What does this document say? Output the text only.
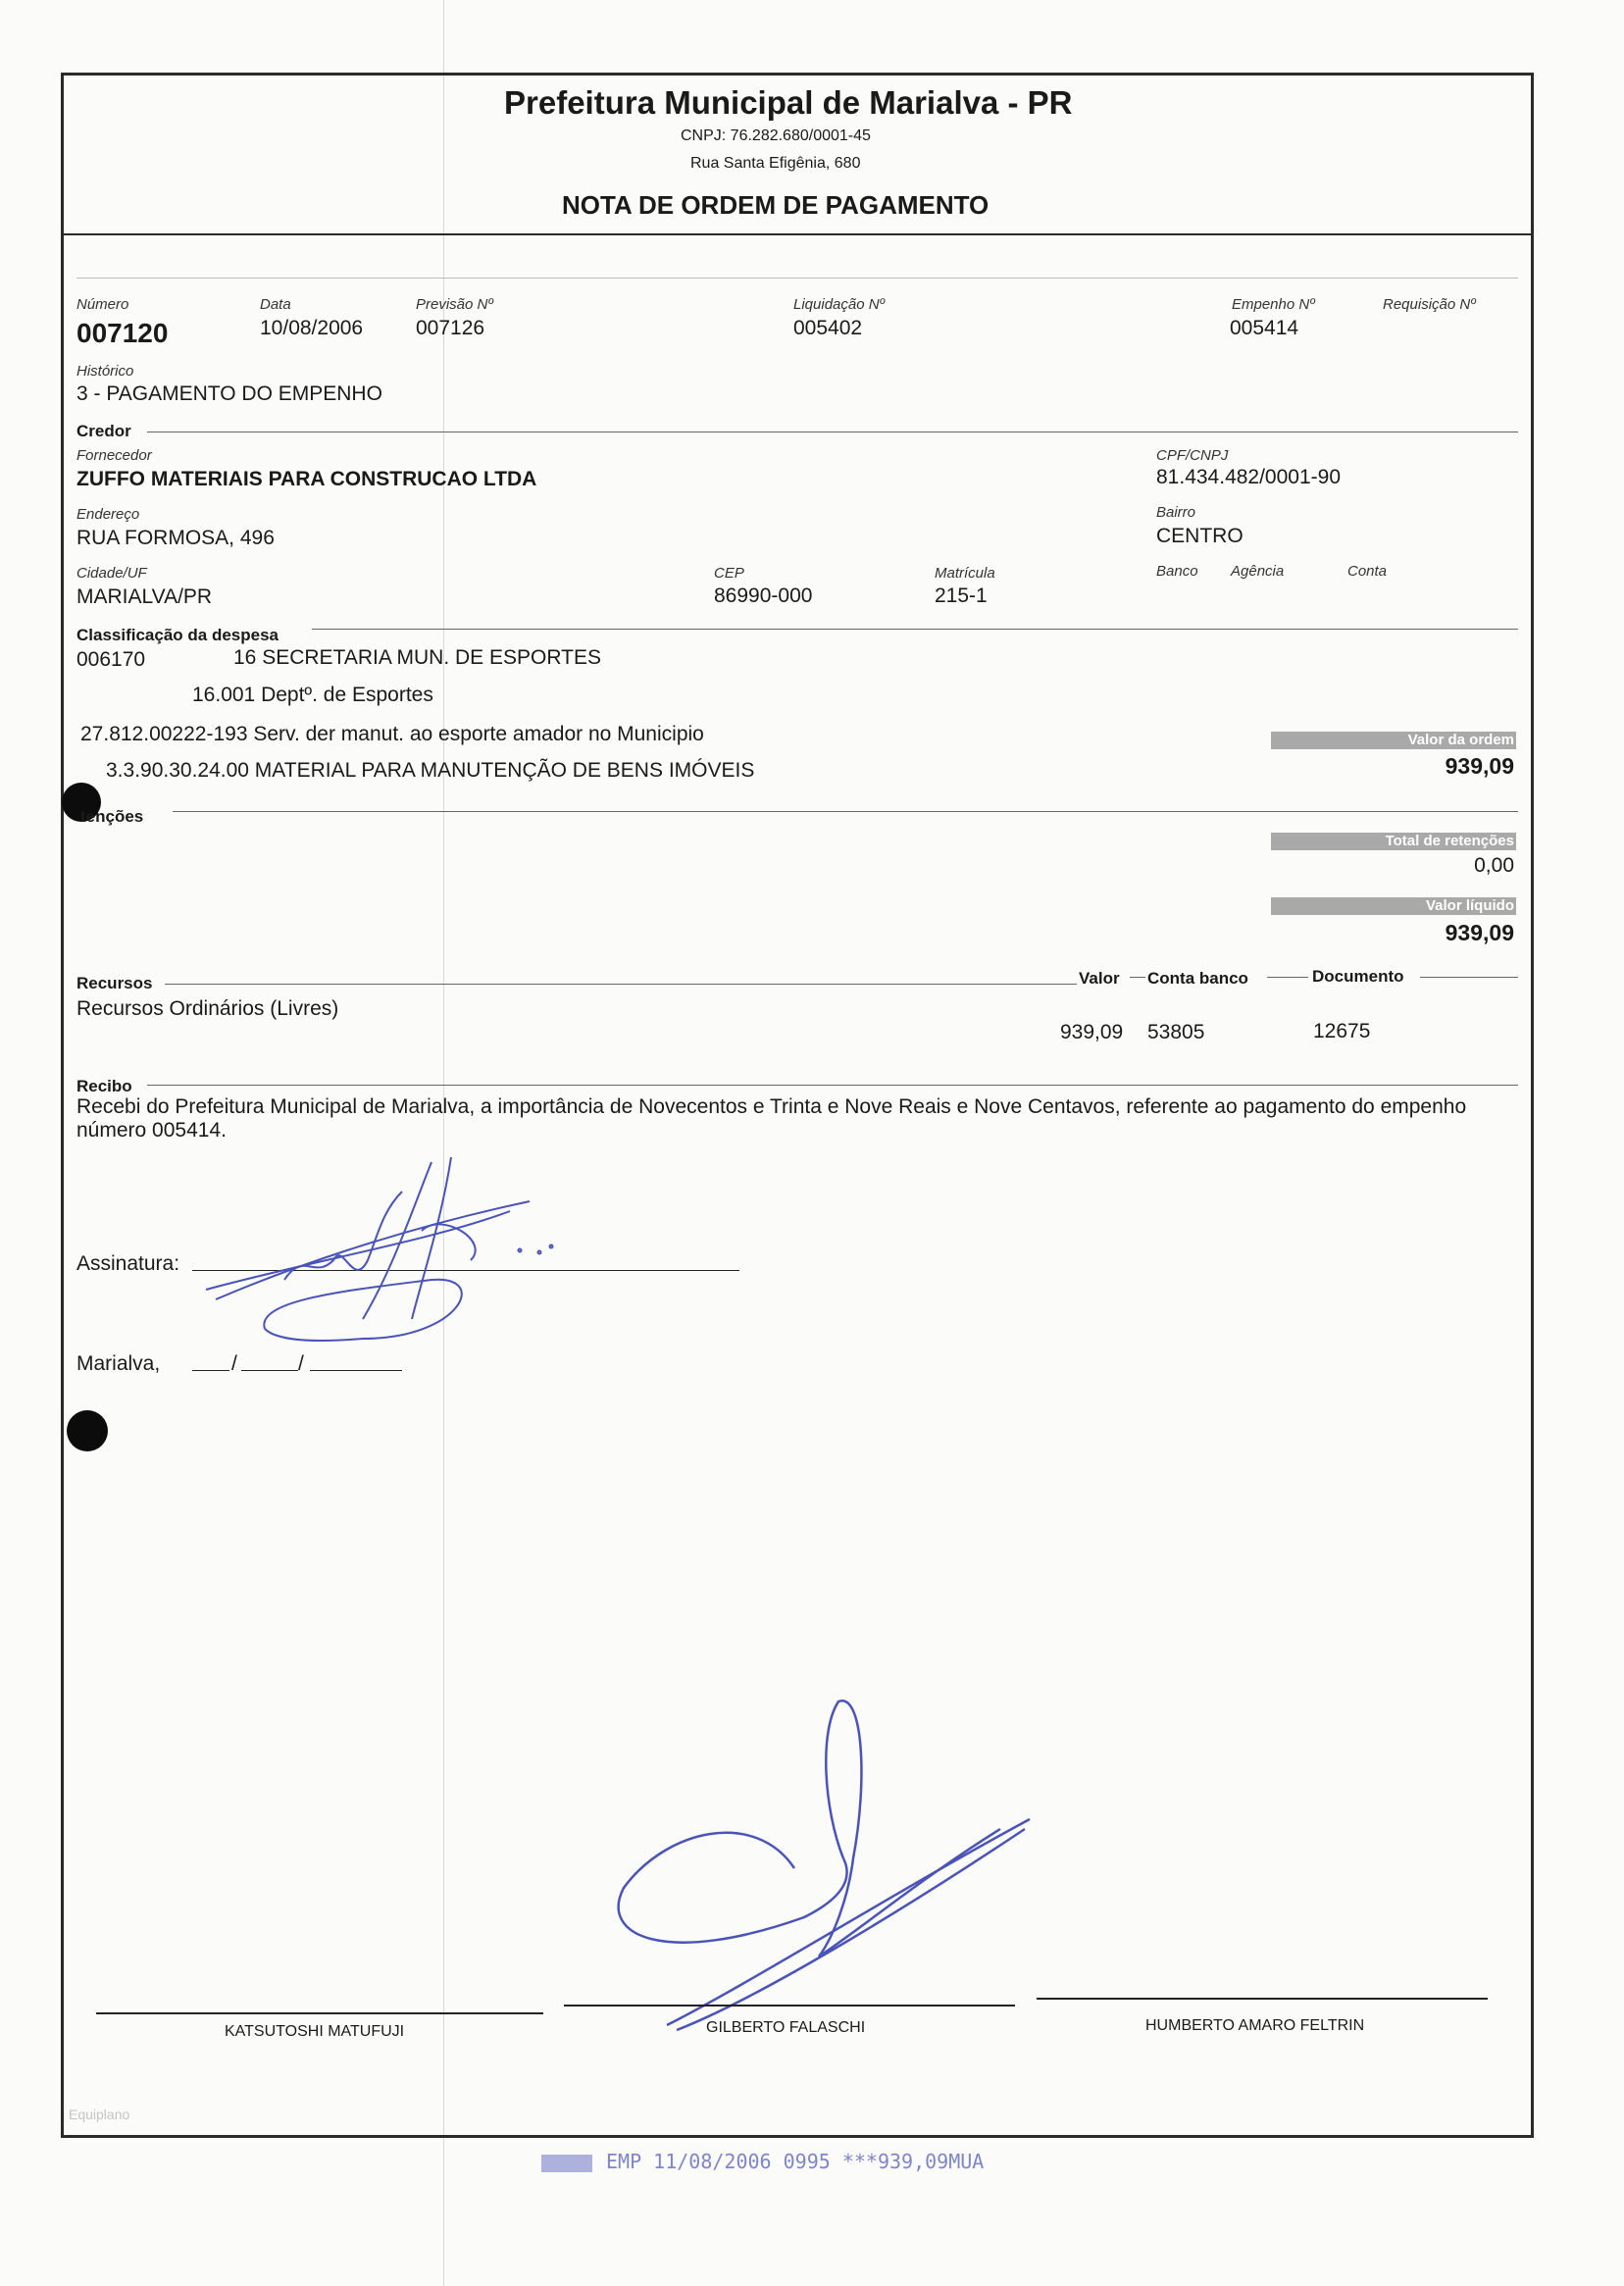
Prefeitura Municipal de Marialva - PR
CNPJ: 76.282.680/0001-45
Rua Santa Efigênia, 680
NOTA DE ORDEM DE PAGAMENTO
Número
007120
Data
10/08/2006
Previsão Nº
007126
Liquidação Nº
005402
Empenho Nº
005414
Requisição Nº
Histórico
3 - PAGAMENTO DO EMPENHO
Credor
Fornecedor
ZUFFO MATERIAIS PARA CONSTRUCAO LTDA
CPF/CNPJ
81.434.482/0001-90
Endereço
RUA FORMOSA, 496
Bairro
CENTRO
Cidade/UF
MARIALVA/PR
CEP
86990-000
Matrícula
215-1
Banco Agência	Conta
Classificação da despesa
006170	16 SECRETARIA MUN. DE ESPORTES
16.001 Deptº. de Esportes
27.812.00222-193 Serv. der manut. ao esporte amador no Municipio
3.3.90.30.24.00 MATERIAL PARA MANUTENÇÃO DE BENS IMÓVEIS
Valor da ordem
939,09
tenções
Total de retenções
0,00
Valor líquido
939,09
Recursos	Valor Conta banco	Documento
Recursos Ordinários (Livres)
939,09 53805	12675
Recibo
Recebi do Prefeitura Municipal de Marialva, a importância de Novecentos e Trinta e Nove Reais e Nove Centavos, referente ao pagamento do empenho número 005414.
Assinatura:
Marialva,	/	/
KATSUTOSHI MATUFUJI	GILBERTO FALASCHI	HUMBERTO AMARO FELTRIN
Equiplano
EMP 11/08/2006 0995 ***939,09MUA
